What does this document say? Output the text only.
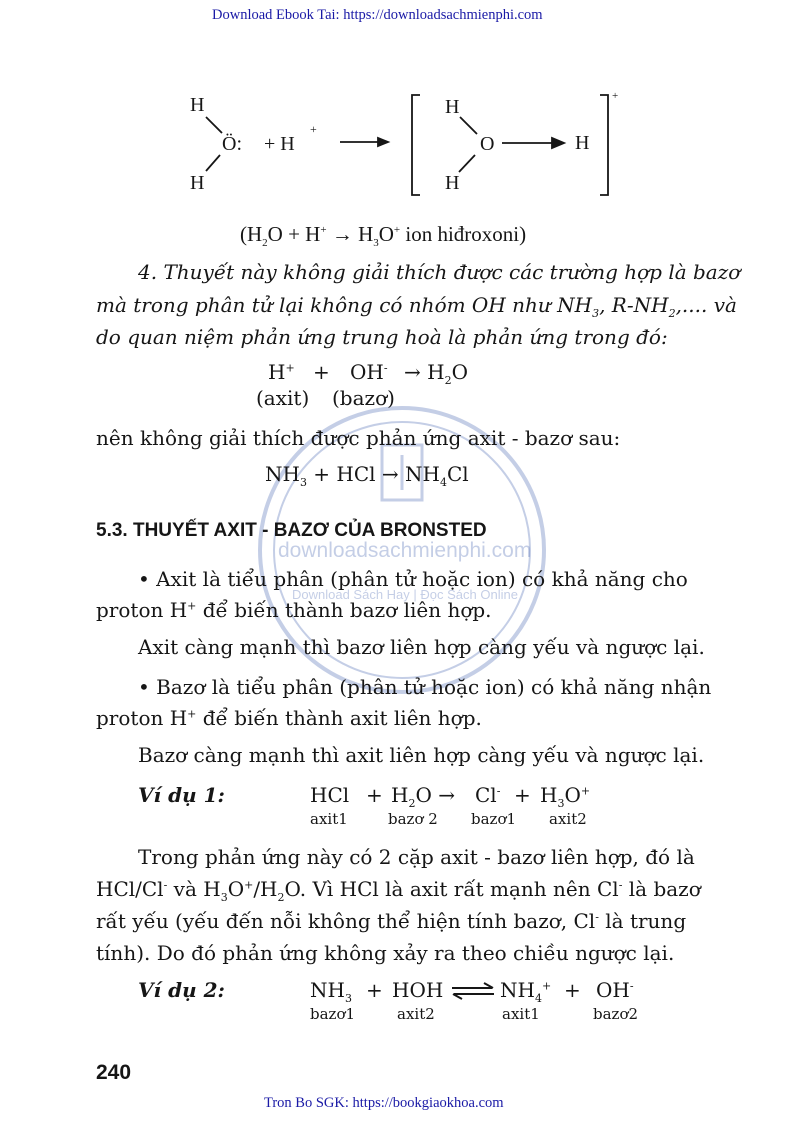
Download Ebook Tai: https://downloadsachmienphi.com
downloadsachmienphi.com
Download Sách Hay | Đọc Sách Online
H
Ö:
H
+ H
+
H
O
H
H
+
($H_2O + H^+ \to H_3O^+$ ion hiđroxoni)
4. Thuyết này không giải thích được các trường hợp là bazơ
mà trong phân tử lại không có nhóm OH như $NH_3$, $R-NH_2$,.... và
do quan niệm phản ứng trung hoà là phản ứng trong đó:
$H^+ + OH^- \to H_2O$
(axit) (bazơ)
nên không giải thích được phản ứng axit - bazơ sau:
$NH_3$ + HCl → $NH_4Cl$
5.3. THUYẾT AXIT - BAZƠ CỦA BRONSTED
• Axit là tiểu phân (phân tử hoặc ion) có khả năng cho
proton H+ để biến thành bazơ liên hợp.
Axit càng mạnh thì bazơ liên hợp càng yếu và ngược lại.
• Bazơ là tiểu phân (phân tử hoặc ion) có khả năng nhận
proton H+ để biến thành axit liên hợp.
Bazơ càng mạnh thì axit liên hợp càng yếu và ngược lại.
Ví dụ 1:	HCl + $H_2O \to Cl^- + H_3O^+$
axit1	bazơ 2 bazơ1 axit2
Trong phản ứng này có 2 cặp axit - bazơ liên hợp, đó là
HCl/Cl- và $H_3O^+/H_2O$. Vì HCl là axit rất mạnh nên Cl- là bazơ
rất yếu (yếu đến nỗi không thể hiện tính bazơ, Cl- là trung
tính). Do đó phản ứng không xảy ra theo chiều ngược lại.
Ví dụ 2:	$NH_3$ + HOH ⇌ $NH_4^+ + OH^-$
bazơ1	axit2	axit1	bazơ2
240
Tron Bo SGK: https://bookgiaokhoa.com
